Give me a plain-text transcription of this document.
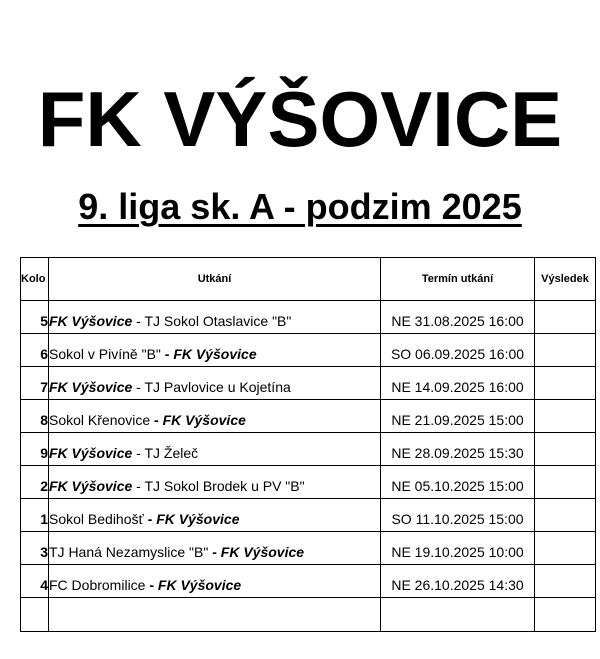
FK VÝŠOVICE
9. liga sk. A - podzim 2025
Kolo	Utkání	Termín utkání	Výsledek
5	FK Výšovice - TJ Sokol Otaslavice "B"	NE 31.08.2025 16:00	
6	Sokol v Pivíně "B" - FK Výšovice	SO 06.09.2025 16:00	
7	FK Výšovice - TJ Pavlovice u Kojetína	NE 14.09.2025 16:00	
8	Sokol Křenovice - FK Výšovice	NE 21.09.2025 15:00	
9	FK Výšovice - TJ Želeč	NE 28.09.2025 15:30	
2	FK Výšovice - TJ Sokol Brodek u PV "B"	NE 05.10.2025 15:00	
1	Sokol Bedihošť - FK Výšovice	SO 11.10.2025 15:00	
3	TJ Haná Nezamyslice "B" - FK Výšovice	NE 19.10.2025 10:00	
4	FC Dobromilice - FK Výšovice	NE 26.10.2025 14:30	
